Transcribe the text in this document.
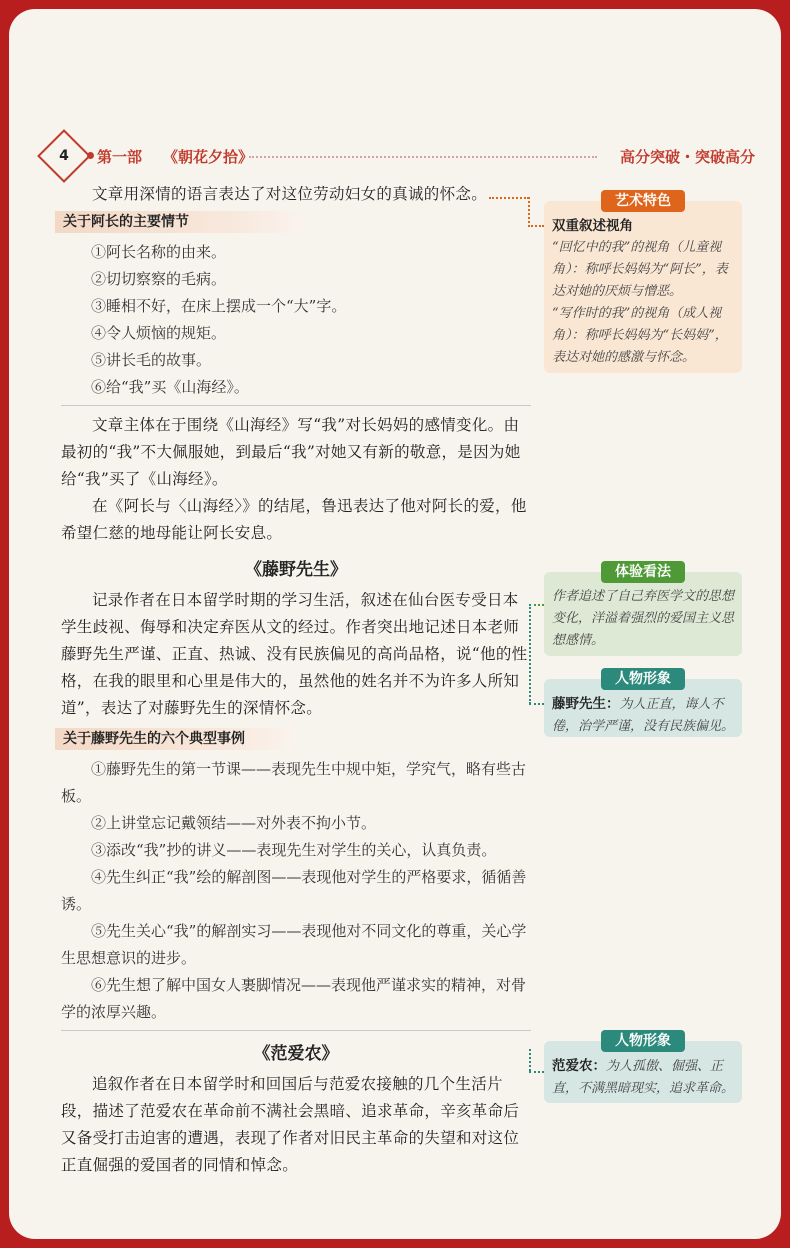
4	第一部 《朝花夕拾》	高分突破・突破高分

文章用深情的语言表达了对这位劳动妇女的真诚的怀念。

关于阿长的主要情节
①阿长名称的由来。
②切切察察的毛病。
③睡相不好，在床上摆成一个“大”字。
④令人烦恼的规矩。
⑤讲长毛的故事。
⑥给“我”买《山海经》。

文章主体在于围绕《山海经》写“我”对长妈妈的感情变化。由最初的“我”不大佩服她，到最后“我”对她又有新的敬意，是因为她给“我”买了《山海经》。

在《阿长与〈山海经〉》的结尾，鲁迅表达了他对阿长的爱，他希望仁慈的地母能让阿长安息。

《藤野先生》

记录作者在日本留学时期的学习生活，叙述在仙台医专受日本学生歧视、侮辱和决定弃医从文的经过。作者突出地记述日本老师藤野先生严谨、正直、热诚、没有民族偏见的高尚品格，说“他的性格，在我的眼里和心里是伟大的，虽然他的姓名并不为许多人所知道”，表达了对藤野先生的深情怀念。

关于藤野先生的六个典型事例
①藤野先生的第一节课——表现先生中规中矩，学究气，略有些古板。
②上讲堂忘记戴领结——对外表不拘小节。
③添改“我”抄的讲义——表现先生对学生的关心，认真负责。
④先生纠正“我”绘的解剖图——表现他对学生的严格要求，循循善诱。
⑤先生关心“我”的解剖实习——表现他对不同文化的尊重，关心学生思想意识的进步。
⑥先生想了解中国女人裹脚情况——表现他严谨求实的精神，对骨学的浓厚兴趣。
《范爱农》

追叙作者在日本留学时和回国后与范爱农接触的几个生活片段，描述了范爱农在革命前不满社会黑暗、追求革命，辛亥革命后又备受打击迫害的遭遇，表现了作者对旧民主革命的失望和对这位正直倔强的爱国者的同情和悼念。

艺术特色
双重叙述视角
“回忆中的我”的视角（儿童视角）：称呼长妈妈为“阿长”，表达对她的厌烦与憎恶。
“写作时的我”的视角（成人视角）：称呼长妈妈为“长妈妈”，表达对她的感激与怀念。
体验看法
作者追述了自己弃医学文的思想变化，洋溢着强烈的爱国主义思想感情。
人物形象
藤野先生：为人正直，诲人不倦，治学严谨，没有民族偏见。
人物形象
范爱农：为人孤傲、倔强、正直，不满黑暗现实，追求革命。
